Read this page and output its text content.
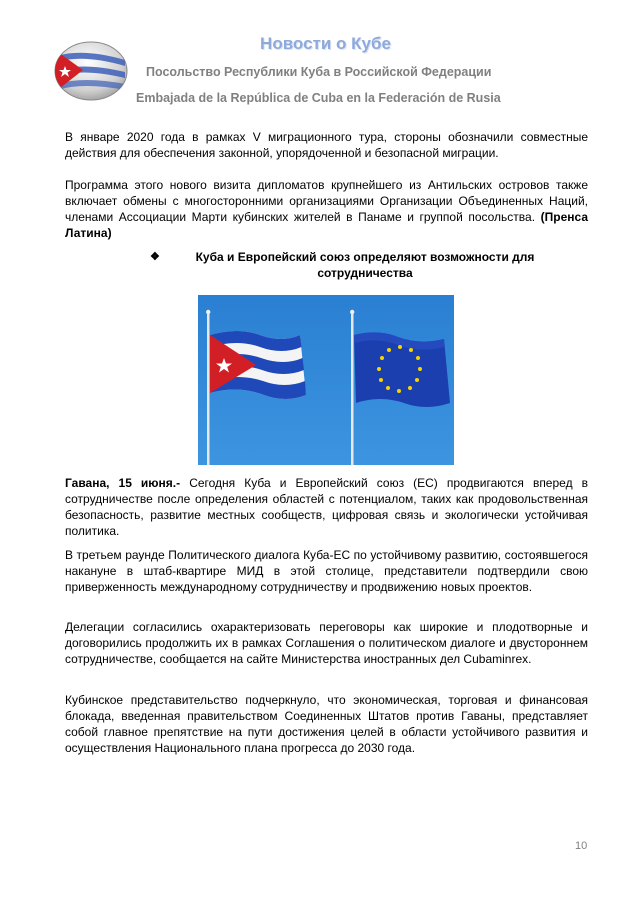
Новости о Кубе
Посольство Республики Куба в Российской Федерации
Embajada de la República de Cuba en la Federación de Rusia

В январе 2020 года в рамках V миграционного тура, стороны обозначили совместные действия для обеспечения законной, упорядоченной и безопасной миграции.

Программа этого нового визита дипломатов крупнейшего из Антильских островов также включает обмены с многосторонними организациями Организации Объединенных Наций, членами Ассоциации Марти кубинских жителей в Панаме и группой посольства. (Пренса Латина)

❖	Куба и Европейский союз определяют возможности для сотрудничества

Гавана, 15 июня.- Сегодня Куба и Европейский союз (ЕС) продвигаются вперед в сотрудничестве после определения областей с потенциалом, таких как продовольственная безопасность, развитие местных сообществ, цифровая связь и экологически устойчивая политика.

В третьем раунде Политического диалога Куба-ЕС по устойчивому развитию, состоявшегося накануне в штаб-квартире МИД в этой столице, представители подтвердили свою приверженность международному сотрудничеству и продвижению новых проектов.

Делегации согласились охарактеризовать переговоры как широкие и плодотворные и договорились продолжить их в рамках Соглашения о политическом диалоге и двустороннем сотрудничестве, сообщается на сайте Министерства иностранных дел Cubaminrex.

Кубинское представительство подчеркнуло, что экономическая, торговая и финансовая блокада, введенная правительством Соединенных Штатов против Гаваны, представляет собой главное препятствие на пути достижения целей в области устойчивого развития и осуществления Национального плана прогресса до 2030 года.

10
